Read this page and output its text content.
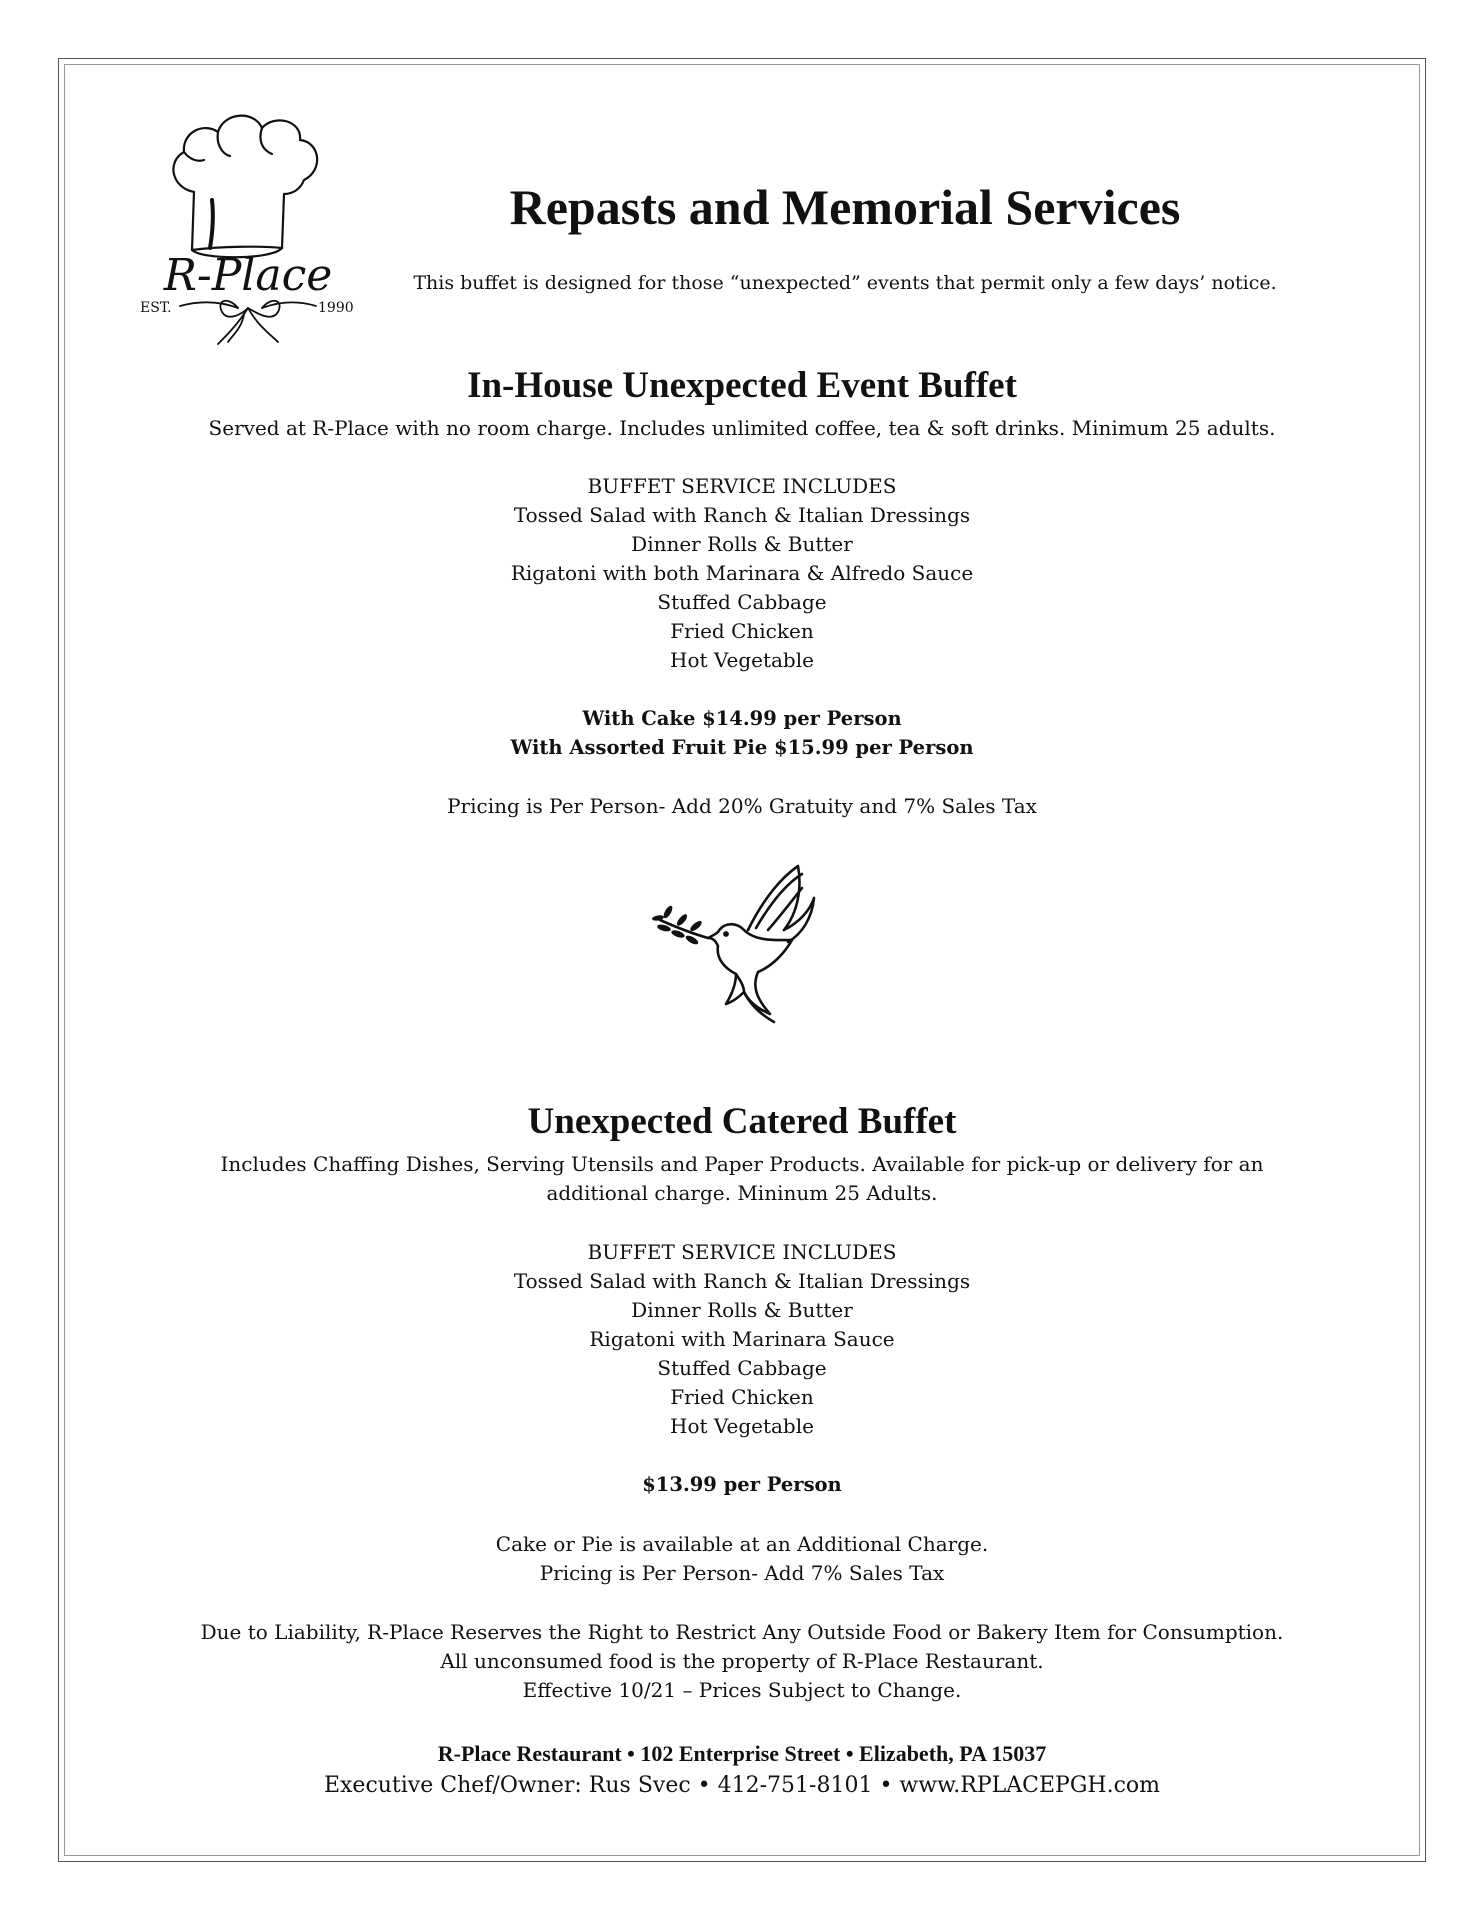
R-Place
EST.	1990
Repasts and Memorial Services

This buffet is designed for those “unexpected” events that permit only a few days’ notice.

In-House Unexpected Event Buffet

Served at R-Place with no room charge. Includes unlimited coffee, tea & soft drinks. Minimum 25 adults.

BUFFET SERVICE INCLUDES

Tossed Salad with Ranch & Italian Dressings

Dinner Rolls & Butter

Rigatoni with both Marinara & Alfredo Sauce

Stuffed Cabbage

Fried Chicken

Hot Vegetable

With Cake $14.99 per Person

With Assorted Fruit Pie $15.99 per Person

Pricing is Per Person- Add 20% Gratuity and 7% Sales Tax

Unexpected Catered Buffet

Includes Chaffing Dishes, Serving Utensils and Paper Products. Available for pick-up or delivery for an additional charge. Mininum 25 Adults.

BUFFET SERVICE INCLUDES

Tossed Salad with Ranch & Italian Dressings

Dinner Rolls & Butter

Rigatoni with Marinara Sauce

Stuffed Cabbage

Fried Chicken

Hot Vegetable

$13.99 per Person

Cake or Pie is available at an Additional Charge.

Pricing is Per Person- Add 7% Sales Tax

Due to Liability, R-Place Reserves the Right to Restrict Any Outside Food or Bakery Item for Consumption.

All unconsumed food is the property of R-Place Restaurant.

Effective 10/21 – Prices Subject to Change.

R-Place Restaurant • 102 Enterprise Street • Elizabeth, PA 15037

Executive Chef/Owner: Rus Svec • 412-751-8101 • www.RPLACEPGH.com
